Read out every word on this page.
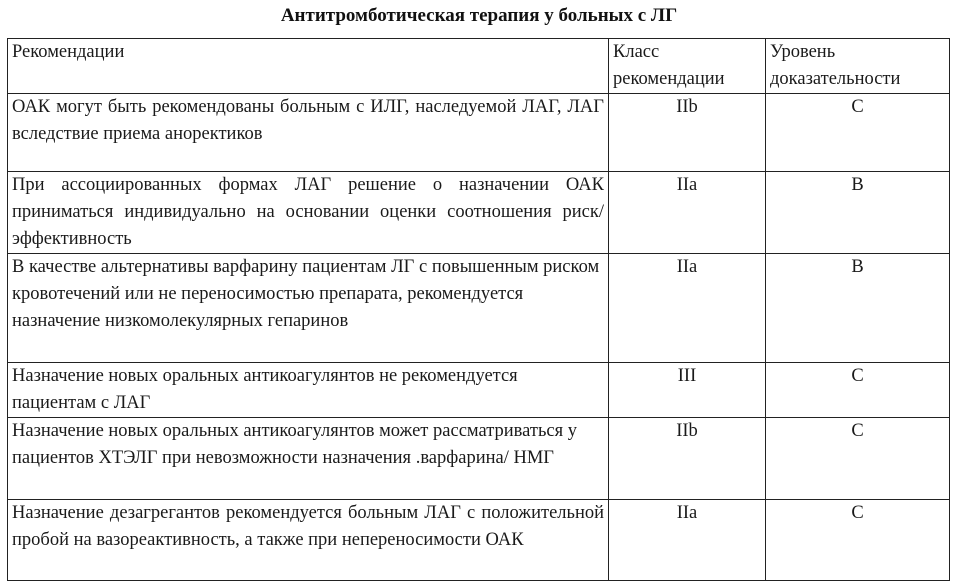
Антитромботическая терапия у больных с ЛГ
Рекомендации	Класс рекомендации	Уровень доказательности
ОАК могут быть рекомендованы больным с ИЛГ, наследуемой ЛАГ, ЛАГ вследствие приема аноректиков	IIb	C
При ассоциированных формах ЛАГ решение о назначении ОАК приниматься индивидуально на основании оценки соотношения риск/ эффективность	IIa	B
В качестве альтернативы варфарину пациентам ЛГ с повышенным риском кровотечений или не переносимостью препарата, рекомендуется назначение низкомолекулярных гепаринов	IIa	B
Назначение новых оральных антикоагулянтов не рекомендуется пациентам с ЛАГ	III	C
Назначение новых оральных антикоагулянтов может рассматриваться у пациентов ХТЭЛГ при невозможности назначения .варфарина/ НМГ	IIb	C
Назначение дезагрегантов рекомендуется больным ЛАГ с положительной пробой на вазореактивность, а также при непереносимости ОАК	IIa	C
